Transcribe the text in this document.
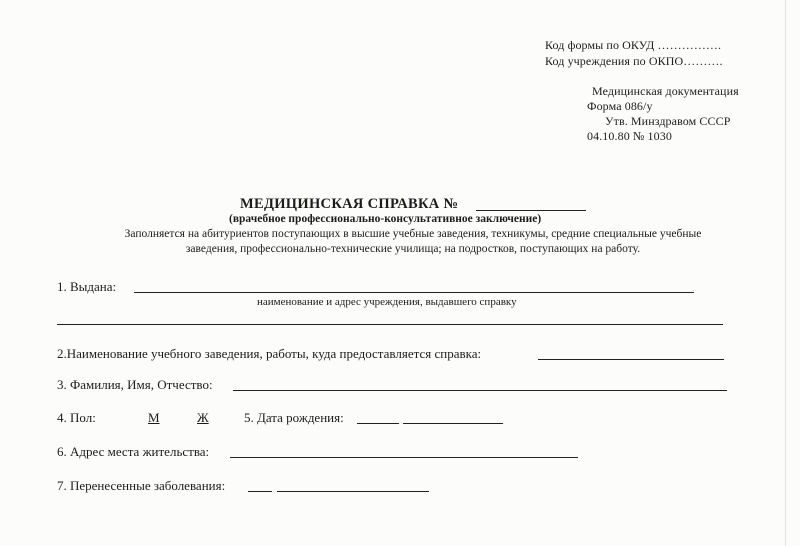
Код формы по ОКУД …………….
Код учреждения по ОКПО……….
Медицинская документация
Форма 086/у
Утв. Минздравом СССР
04.10.80 № 1030
МЕДИЦИНСКАЯ СПРАВКА №
(врачебное профессионально-консультативное заключение)
Заполняется на абитуриентов поступающих в высшие учебные заведения, техникумы, средние специальные учебные
заведения, профессионально-технические училища; на подростков, поступающих на работу.
1. Выдана:
наименование и адрес учреждения, выдавшего справку
2.Наименование учебного заведения, работы, куда предоставляется справка:
3. Фамилия, Имя, Отчество:
4. Пол:	М	Ж	5. Дата рождения:
6. Адрес места жительства:
7. Перенесенные заболевания:
